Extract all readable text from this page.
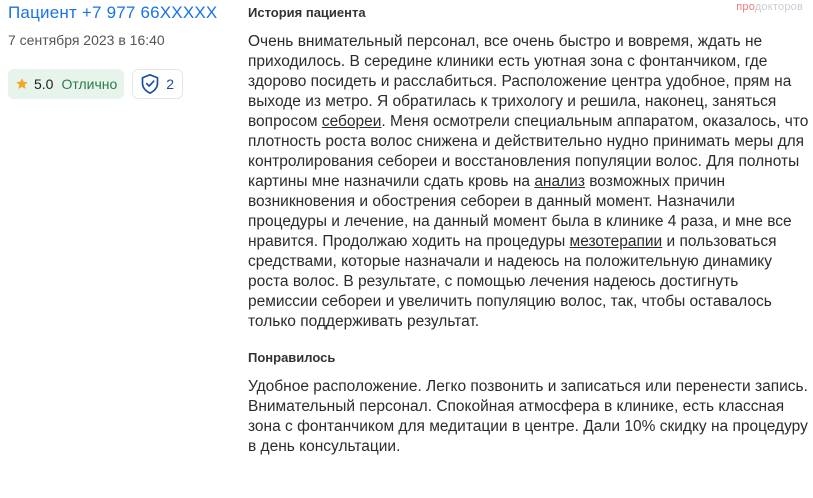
Пациент +7 977 66XXXXX
7 сентября 2023 в 16:40
5.0 Отлично	2
продокторов
История пациента
Очень внимательный персонал, все очень быстро и вовремя, ждать не приходилось. В середине клиники есть уютная зона с фонтанчиком, где здорово посидеть и расслабиться. Расположение центра удобное, прям на выходе из метро. Я обратилась к трихологу и решила, наконец, заняться вопросом себореи. Меня осмотрели специальным аппаратом, оказалось, что плотность роста волос снижена и действительно нудно принимать меры для контролирования себореи и восстановления популяции волос. Для полноты картины мне назначили сдать кровь на анализ возможных причин возникновения и обострения себореи в данный момент. Назначили процедуры и лечение, на данный момент была в клинике 4 раза, и мне все нравится. Продолжаю ходить на процедуры мезотерапии и пользоваться средствами, которые назначали и надеюсь на положительную динамику роста волос. В результате, с помощью лечения надеюсь достигнуть ремиссии себореи и увеличить популяцию волос, так, чтобы оставалось только поддерживать результат.
Понравилось
Удобное расположение. Легко позвонить и записаться или перенести запись. Внимательный персонал. Спокойная атмосфера в клинике, есть классная зона с фонтанчиком для медитации в центре. Дали 10% скидку на процедуру в день консультации.
